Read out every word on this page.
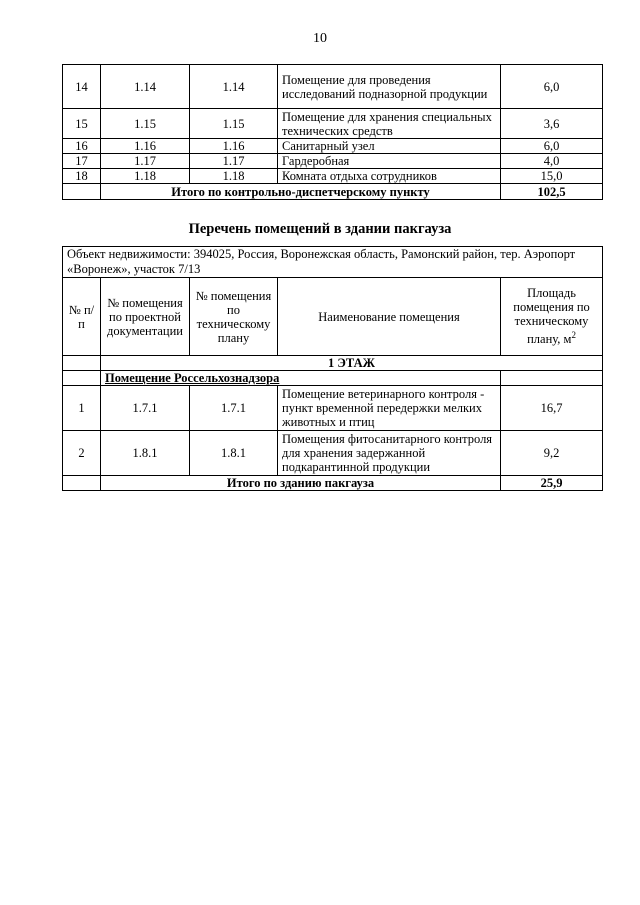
10
14	1.14	1.14	Помещение для проведения исследований подназорной продукции	6,0
15	1.15	1.15	Помещение для хранения специальных технических средств	3,6
16	1.16	1.16	Санитарный узел	6,0
17	1.17	1.17	Гардеробная	4,0
18	1.18	1.18	Комната отдыха сотрудников	15,0
	Итого по контрольно-диспетчерскому пункту			102,5
Перечень помещений в здании пакгауза
Объект недвижимости: 394025, Россия, Воронежская область, Рамонский район, тер. Аэропорт «Воронеж», участок 7/13				
№ п/п	№ помещения по проектной документации	№ помещения по техническому плану	Наименование помещения	Площадь помещения по техническому плану, $м^2$
	1 ЭТАЖ			
	Помещение Россельхознадзора			
1	1.7.1	1.7.1	Помещение ветеринарного контроля - пункт временной передержки мелких животных и птиц	16,7
2	1.8.1	1.8.1	Помещения фитосанитарного контроля для хранения задержанной подкарантинной продукции	9,2
	Итого по зданию пакгауза			25,9
